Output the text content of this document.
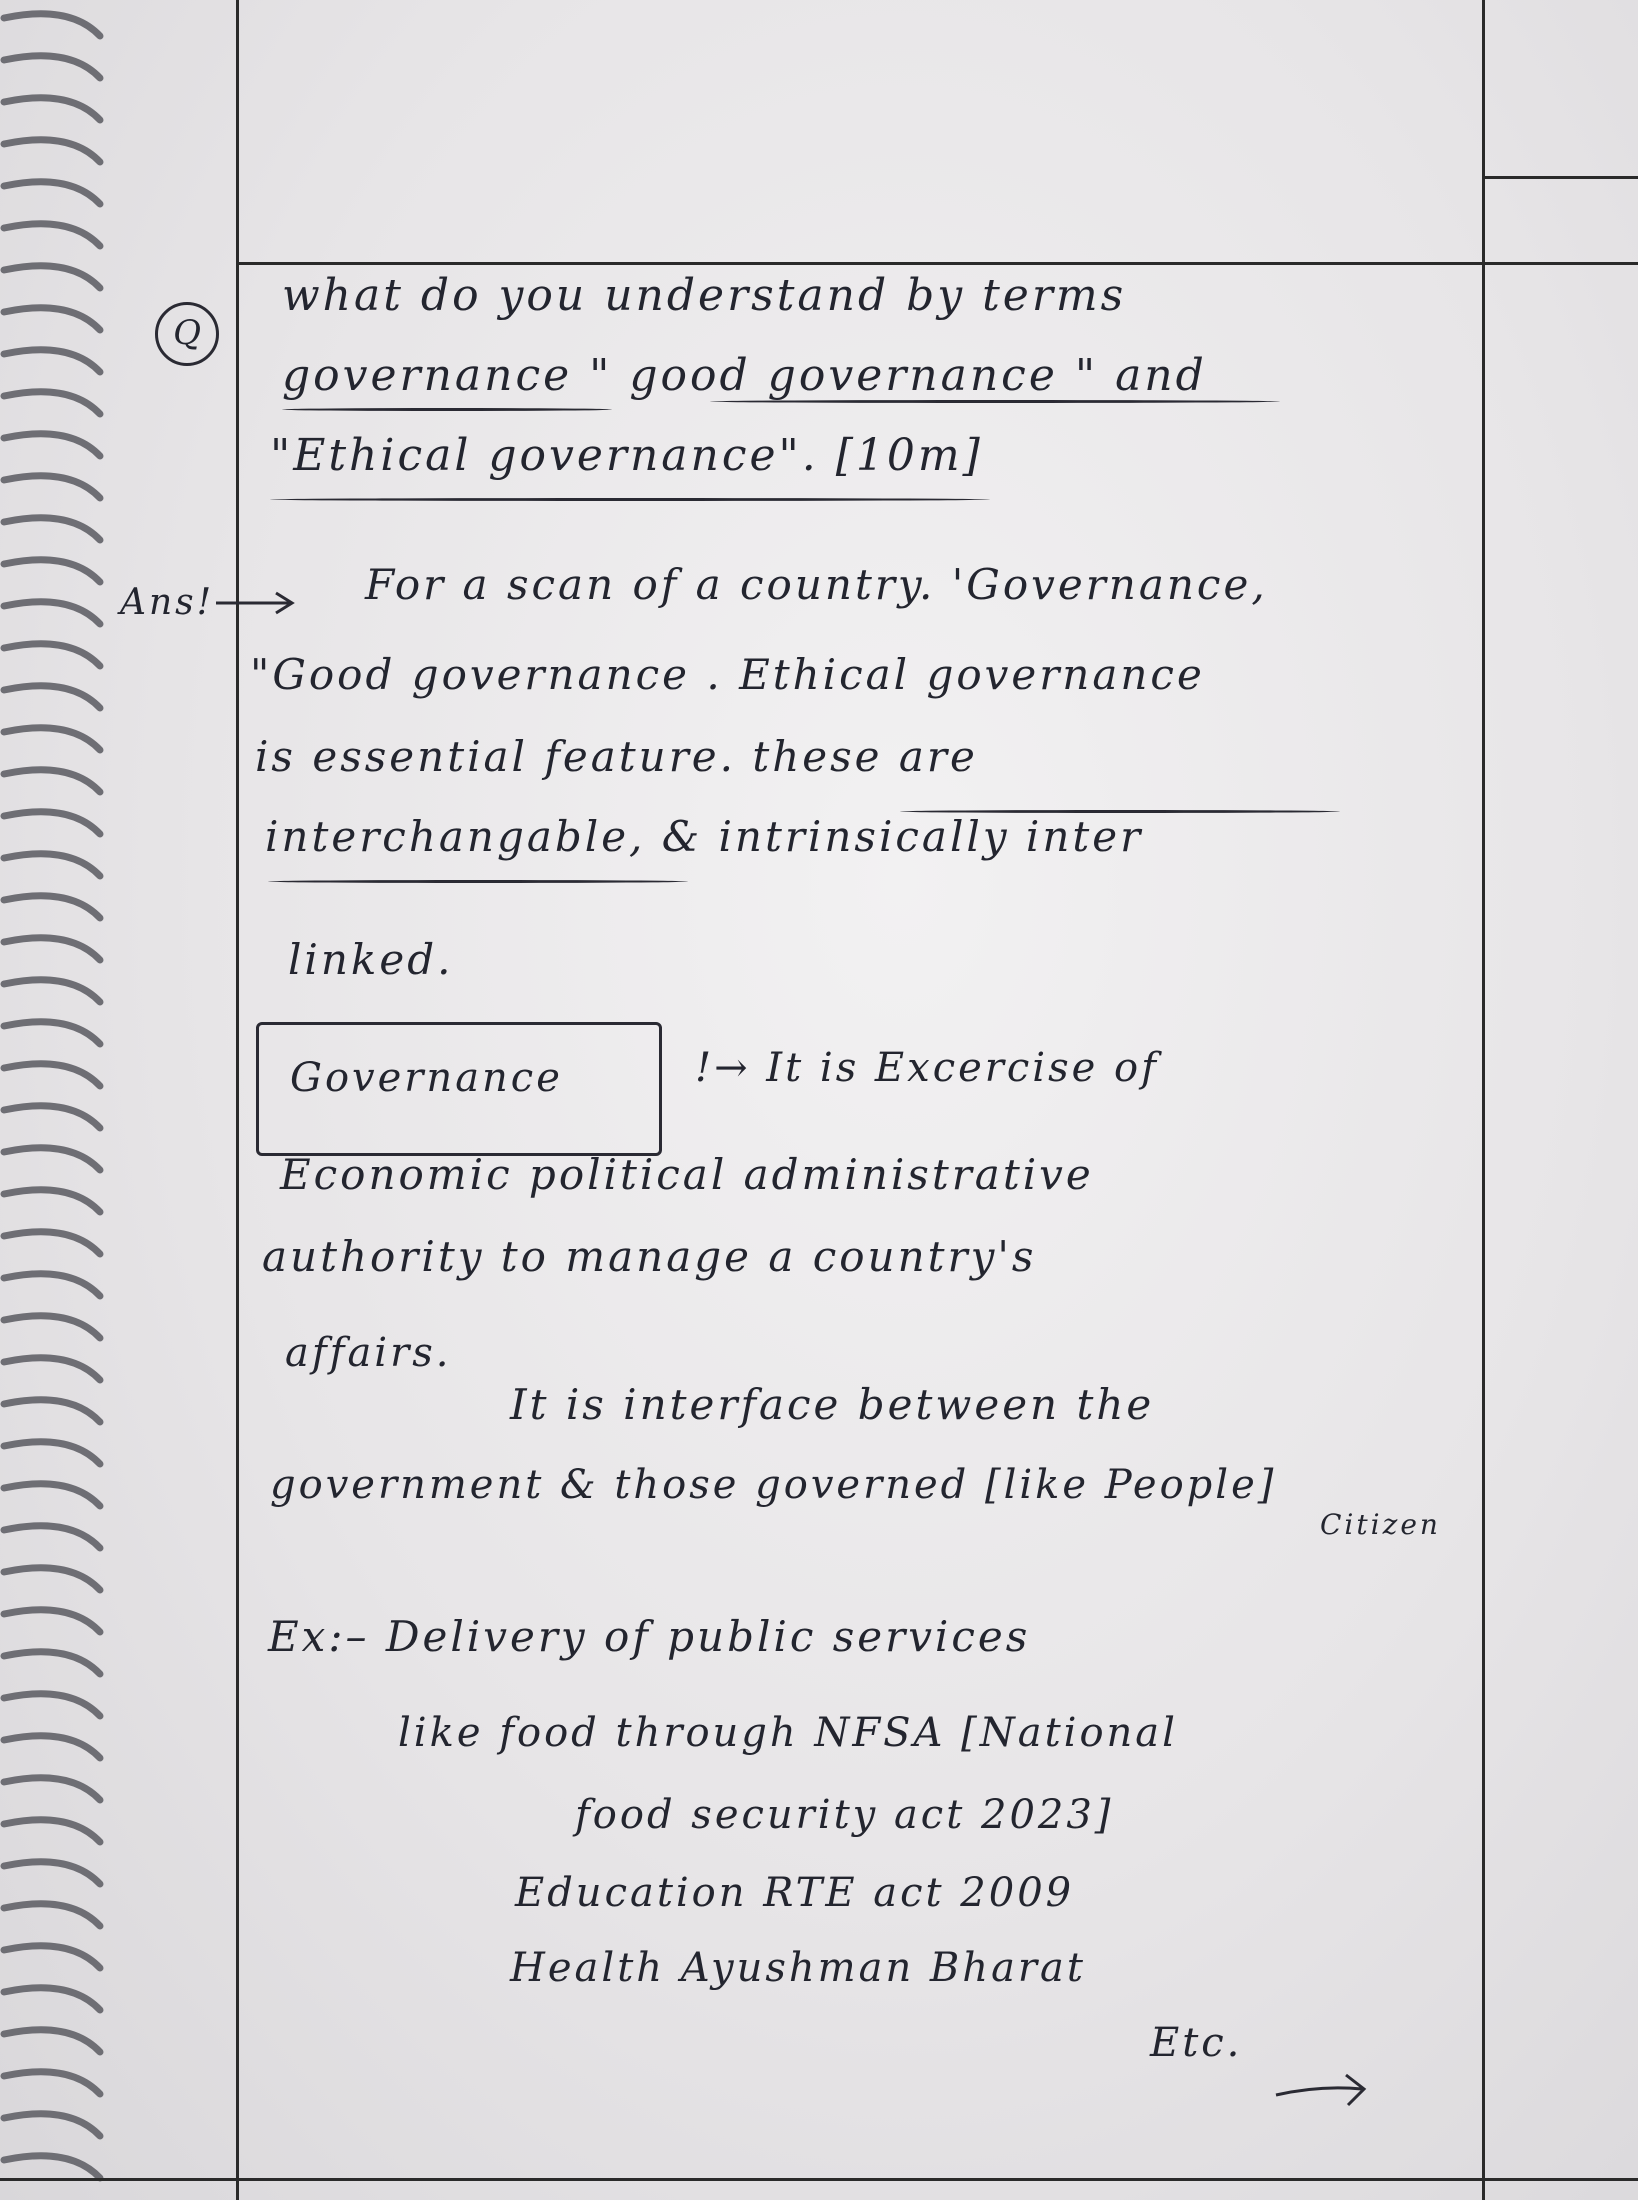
Q
what do you understand by terms
governance " good governance " and
"Ethical governance". [10m]
Ans!	For a scan of a country. 'Governance,
"Good governance . Ethical governance
is essential feature. these are
interchangable, & intrinsically inter
linked.
Governance	!→ It is Excercise of
Economic political administrative
authority to manage a country's
affairs.
It is interface between the
government & those governed [like People]
Citizen
Ex:– Delivery of public services
like food through NFSA [National
food security act 2023]
Education RTE act 2009
Health Ayushman Bharat
Etc.
